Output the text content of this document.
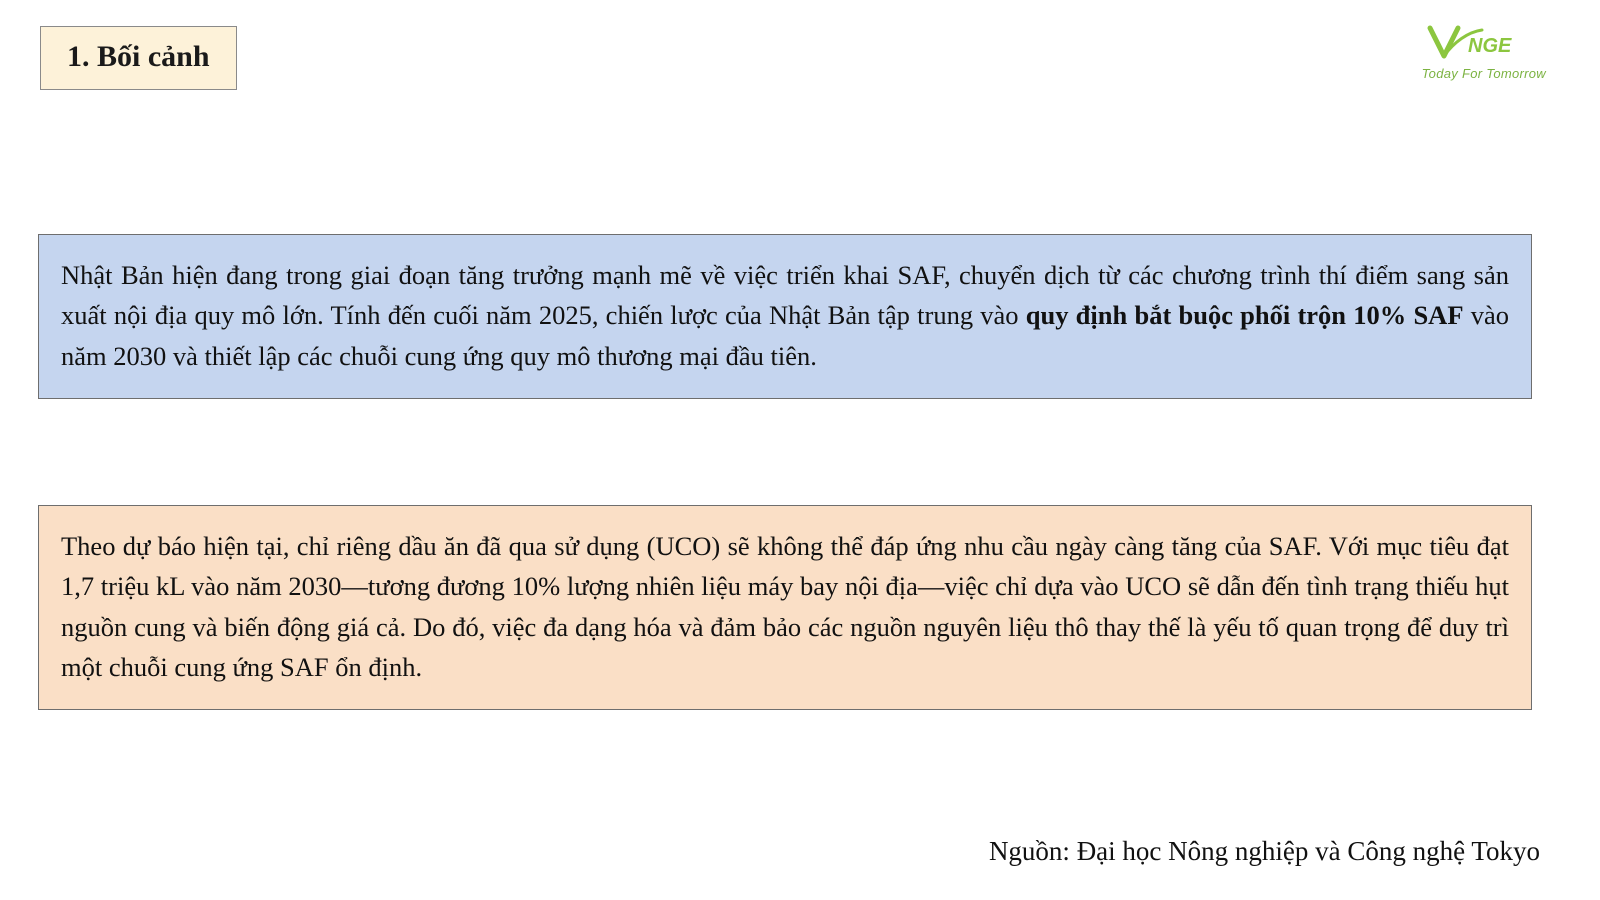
1. Bối cảnh	NGE
Today For Tomorrow

Nhật Bản hiện đang trong giai đoạn tăng trưởng mạnh mẽ về việc triển khai SAF, chuyển dịch từ các chương trình thí điểm sang sản xuất nội địa quy mô lớn. Tính đến cuối năm 2025, chiến lược của Nhật Bản tập trung vào quy định bắt buộc phối trộn 10% SAF vào năm 2030 và thiết lập các chuỗi cung ứng quy mô thương mại đầu tiên.

Theo dự báo hiện tại, chỉ riêng dầu ăn đã qua sử dụng (UCO) sẽ không thể đáp ứng nhu cầu ngày càng tăng của SAF. Với mục tiêu đạt 1,7 triệu kL vào năm 2030—tương đương 10% lượng nhiên liệu máy bay nội địa—việc chỉ dựa vào UCO sẽ dẫn đến tình trạng thiếu hụt nguồn cung và biến động giá cả. Do đó, việc đa dạng hóa và đảm bảo các nguồn nguyên liệu thô thay thế là yếu tố quan trọng để duy trì một chuỗi cung ứng SAF ổn định.

Nguồn: Đại học Nông nghiệp và Công nghệ Tokyo
